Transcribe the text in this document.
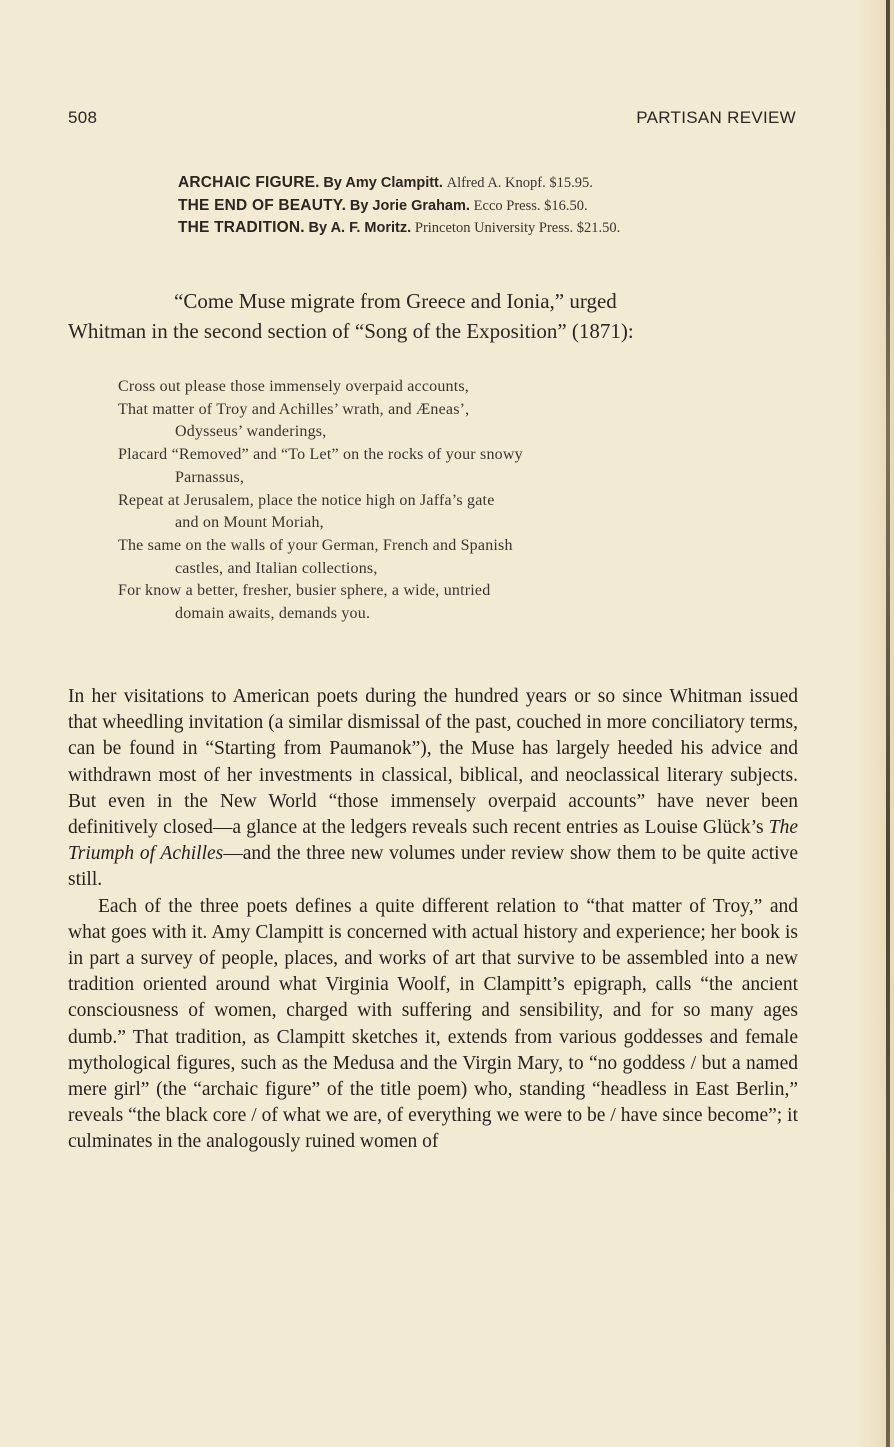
508	PARTISAN REVIEW
ARCHAIC FIGURE. By Amy Clampitt. Alfred A. Knopf. $15.95.
THE END OF BEAUTY. By Jorie Graham. Ecco Press. $16.50.
THE TRADITION. By A. F. Moritz. Princeton University Press. $21.50.
“Come Muse migrate from Greece and Ionia,” urged
Whitman in the second section of “Song of the Exposition” (1871):
Cross out please those immensely overpaid accounts,
That matter of Troy and Achilles’ wrath, and Æneas’,
Odysseus’ wanderings,
Placard “Removed” and “To Let” on the rocks of your snowy
Parnassus,
Repeat at Jerusalem, place the notice high on Jaffa’s gate
and on Mount Moriah,
The same on the walls of your German, French and Spanish
castles, and Italian collections,
For know a better, fresher, busier sphere, a wide, untried
domain awaits, demands you.

In her visitations to American poets during the hundred years or so since Whitman issued that wheedling invitation (a similar dismissal of the past, couched in more conciliatory terms, can be found in “Starting from Paumanok”), the Muse has largely heeded his advice and withdrawn most of her investments in classical, biblical, and neoclassical literary subjects. But even in the New World “those immensely overpaid accounts” have never been definitively closed—a glance at the ledgers reveals such recent entries as Louise Glück’s The Triumph of Achilles—and the three new volumes under review show them to be quite active still.

Each of the three poets defines a quite different relation to “that matter of Troy,” and what goes with it. Amy Clampitt is concerned with actual history and experience; her book is in part a survey of people, places, and works of art that survive to be assembled into a new tradition oriented around what Virginia Woolf, in Clampitt’s epigraph, calls “the ancient consciousness of women, charged with suffering and sensibility, and for so many ages dumb.” That tradition, as Clampitt sketches it, extends from various goddesses and female mythological figures, such as the Medusa and the Virgin Mary, to “no goddess / but a named mere girl” (the “archaic figure” of the title poem) who, standing “headless in East Berlin,” reveals “the black core / of what we are, of everything we were to be / have since become”; it culminates in the analogously ruined women of
